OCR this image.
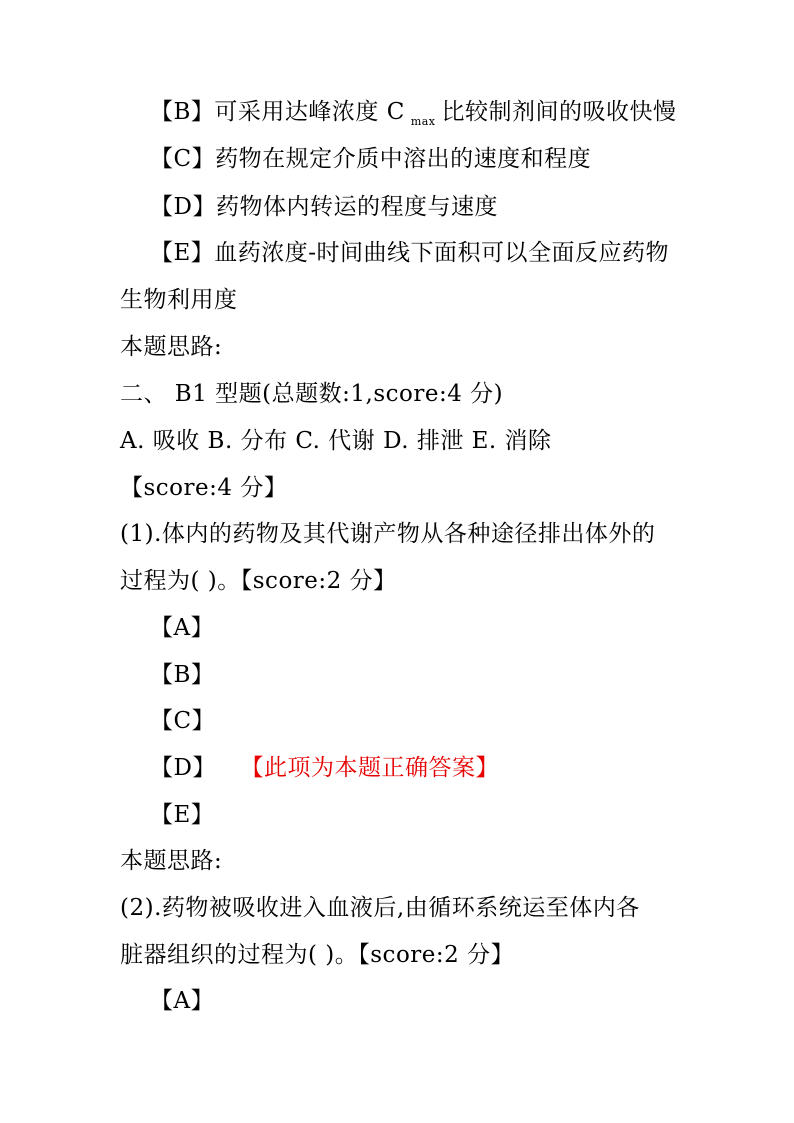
【B】可采用达峰浓度 C $_{max}$ 比较制剂间的吸收快慢
【C】药物在规定介质中溶出的速度和程度
【D】药物体内转运的程度与速度
【E】血药浓度-时间曲线下面积可以全面反应药物
生物利用度
本题思路:
二、 B1 型题(总题数:1,score:4 分)
A. 吸收 B. 分布 C. 代谢 D. 排泄 E. 消除
【score:4 分】
(1).体内的药物及其代谢产物从各种途径排出体外的
过程为( )。【score:2 分】
【A】
【B】
【C】
【D】 【此项为本题正确答案】
【E】
本题思路:
(2).药物被吸收进入血液后,由循环系统运至体内各
脏器组织的过程为( )。【score:2 分】
【A】
